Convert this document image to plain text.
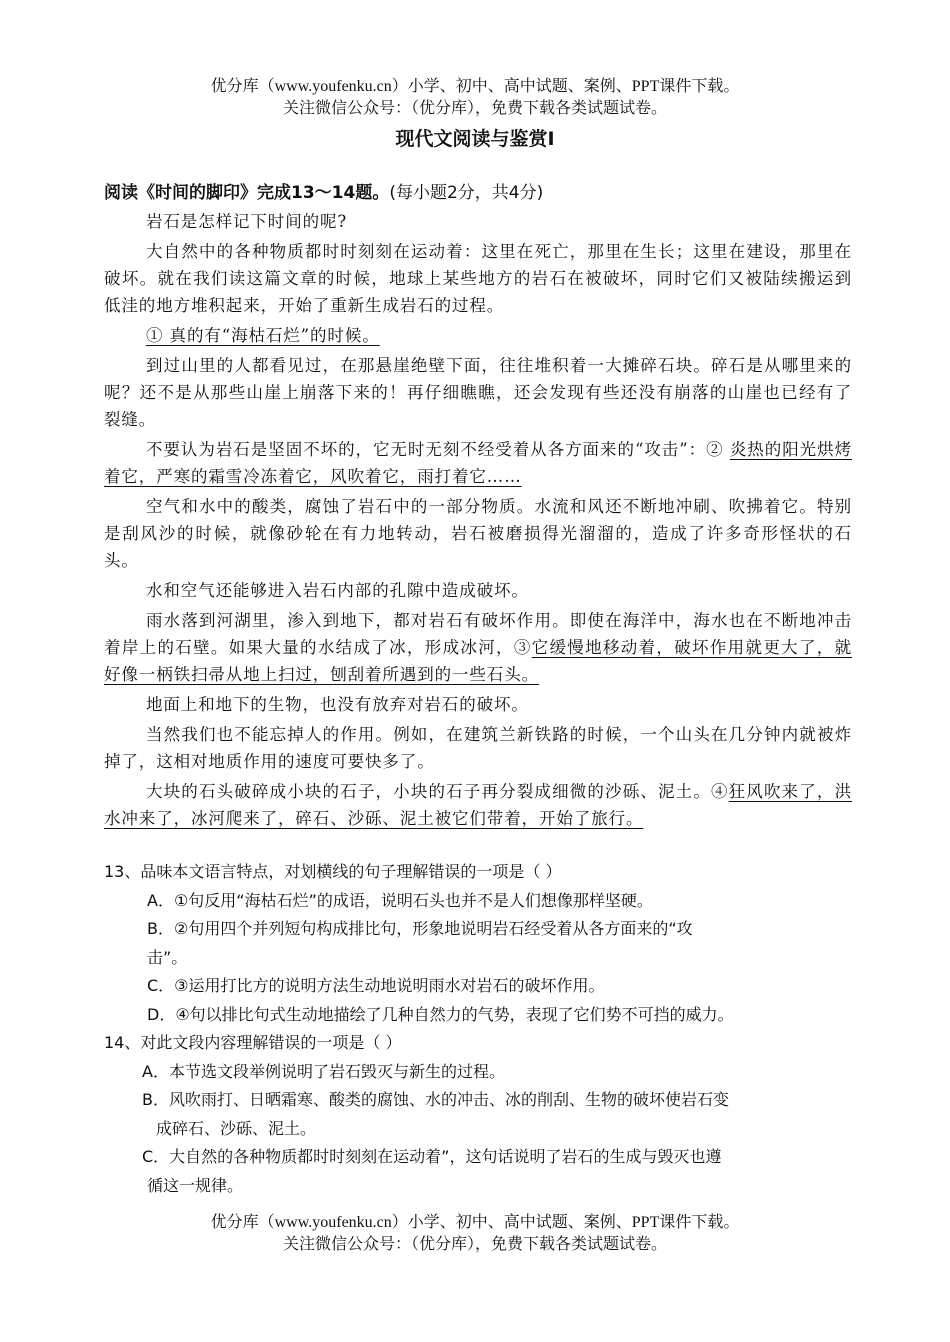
优分库（www.youfenku.cn）小学、初中、高中试题、案例、PPT课件下载。
关注微信公众号：（优分库），免费下载各类试题试卷。
现代文阅读与鉴赏Ⅰ
阅读《时间的脚印》完成13～14题。(每小题2分，共4分)

岩石是怎样记下时间的呢?

大自然中的各种物质都时时刻刻在运动着：这里在死亡，那里在生长；这里在建设，那里在破坏。就在我们读这篇文章的时候，地球上某些地方的岩石在被破坏，同时它们又被陆续搬运到低洼的地方堆积起来，开始了重新生成岩石的过程。

① 真的有“海枯石烂”的时候。

到过山里的人都看见过，在那悬崖绝壁下面，往往堆积着一大摊碎石块。碎石是从哪里来的呢？还不是从那些山崖上崩落下来的！再仔细瞧瞧，还会发现有些还没有崩落的山崖也已经有了裂缝。

不要认为岩石是坚固不坏的，它无时无刻不经受着从各方面来的“攻击”：② 炎热的阳光烘烤着它，严寒的霜雪冷冻着它，风吹着它，雨打着它……

空气和水中的酸类，腐蚀了岩石中的一部分物质。水流和风还不断地冲刷、吹拂着它。特别是刮风沙的时候，就像砂轮在有力地转动，岩石被磨损得光溜溜的，造成了许多奇形怪状的石头。

水和空气还能够进入岩石内部的孔隙中造成破坏。

雨水落到河湖里，渗入到地下，都对岩石有破坏作用。即使在海洋中，海水也在不断地冲击着岸上的石壁。如果大量的水结成了冰，形成冰河，③它缓慢地移动着，破坏作用就更大了，就好像一柄铁扫帚从地上扫过，刨刮着所遇到的一些石头。

地面上和地下的生物，也没有放弃对岩石的破坏。

当然我们也不能忘掉人的作用。例如，在建筑兰新铁路的时候，一个山头在几分钟内就被炸掉了，这相对地质作用的速度可要快多了。

大块的石头破碎成小块的石子，小块的石子再分裂成细微的沙砾、泥土。④狂风吹来了，洪水冲来了，冰河爬来了，碎石、沙砾、泥土被它们带着，开始了旅行。

13、品味本文语言特点，对划横线的句子理解错误的一项是（ ）
A．①句反用“海枯石烂”的成语，说明石头也并不是人们想像那样坚硬。
B．②句用四个并列短句构成排比句，形象地说明岩石经受着从各方面来的“攻
击”。
C．③运用打比方的说明方法生动地说明雨水对岩石的破坏作用。
D．④句以排比句式生动地描绘了几种自然力的气势，表现了它们势不可挡的威力。
14、对此文段内容理解错误的一项是（ ）
A．本节选文段举例说明了岩石毁灭与新生的过程。
B．风吹雨打、日晒霜寒、酸类的腐蚀、水的冲击、冰的削刮、生物的破坏使岩石变
成碎石、沙砾、泥土。
C．大自然的各种物质都时时刻刻在运动着”，这句话说明了岩石的生成与毁灭也遵
循这一规律。
优分库（www.youfenku.cn）小学、初中、高中试题、案例、PPT课件下载。
关注微信公众号：（优分库），免费下载各类试题试卷。
